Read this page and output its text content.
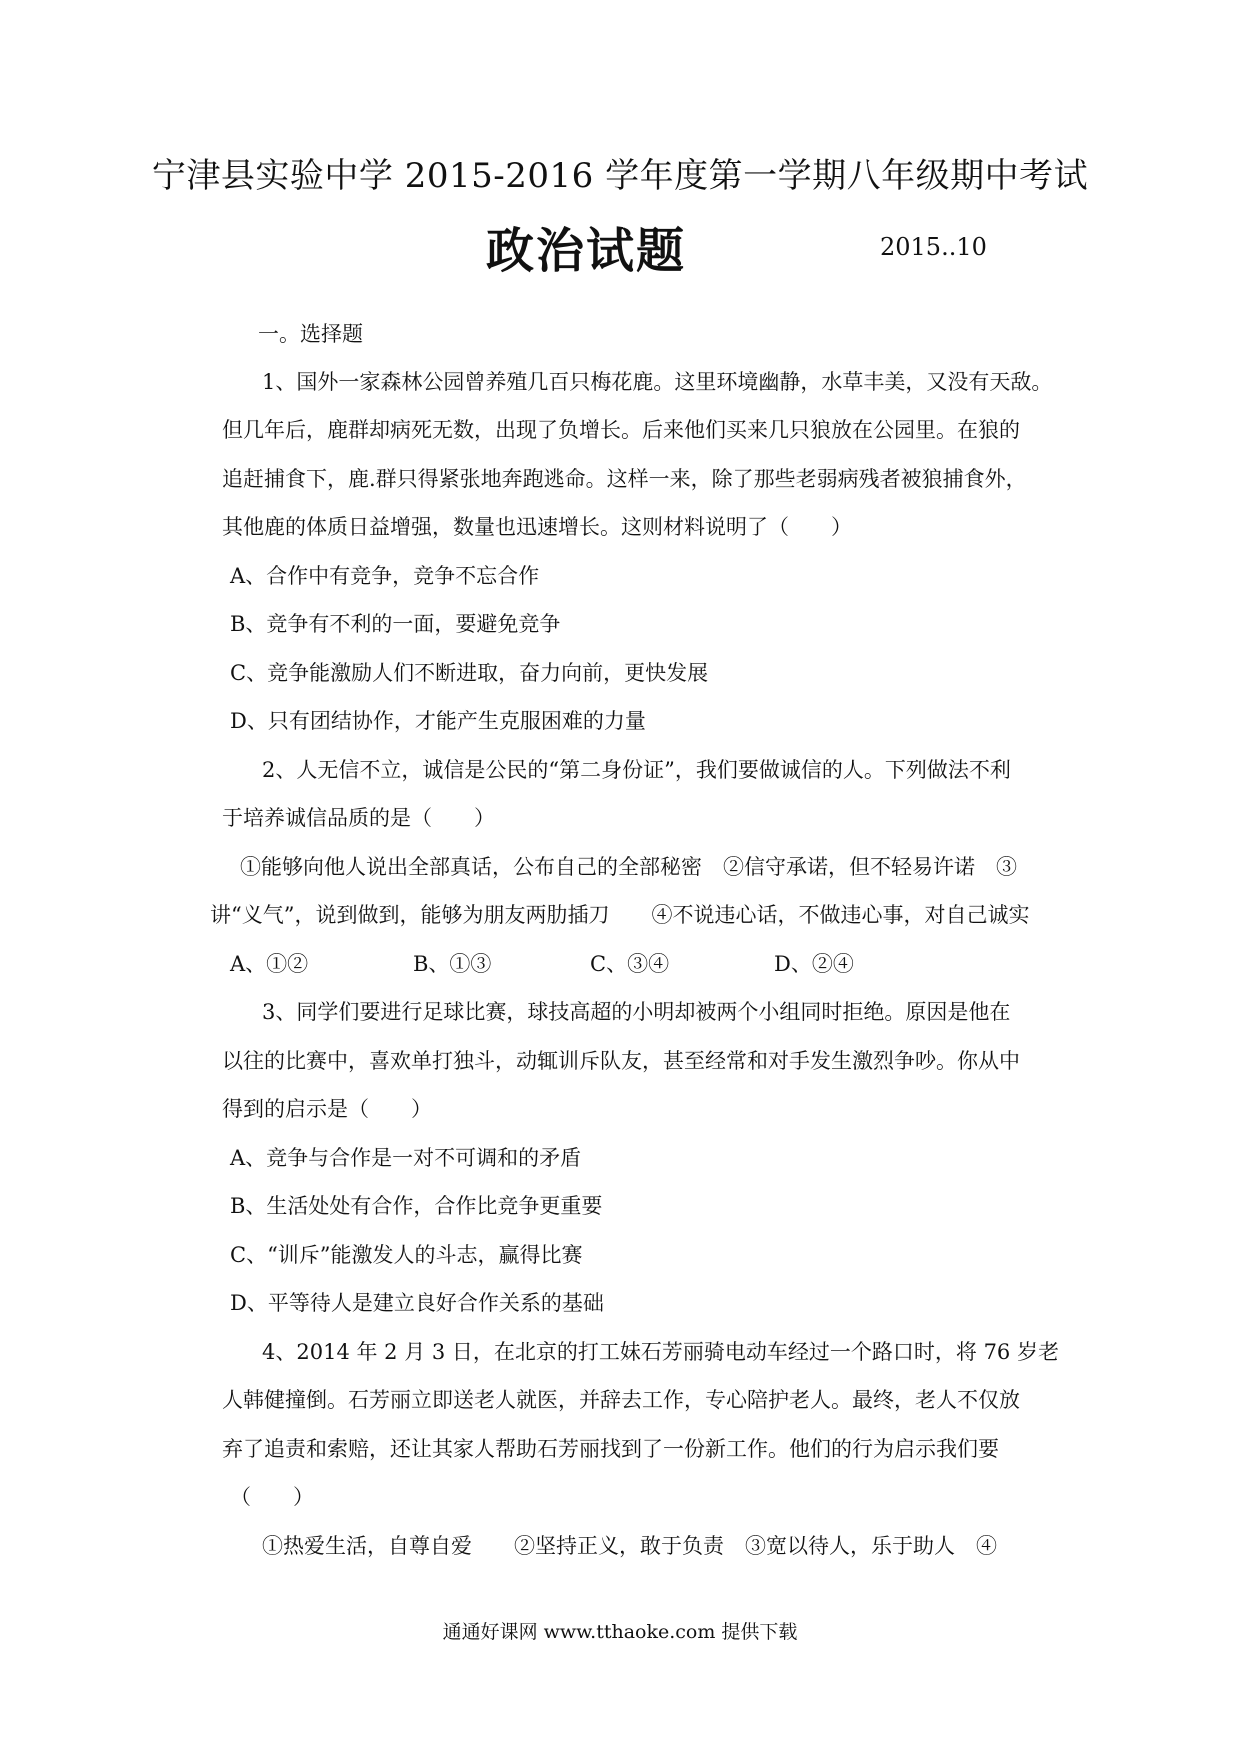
宁津县实验中学 2015-2016 学年度第一学期八年级期中考试
政治试题	2015..10
一。选择题
1、国外一家森林公园曾养殖几百只梅花鹿。这里环境幽静，水草丰美，又没有天敌。
但几年后，鹿群却病死无数，出现了负增长。后来他们买来几只狼放在公园里。在狼的
追赶捕食下，鹿.群只得紧张地奔跑逃命。这样一来，除了那些老弱病残者被狼捕食外，
其他鹿的体质日益增强，数量也迅速增长。这则材料说明了（　　）
A、合作中有竞争，竞争不忘合作
B、竞争有不利的一面，要避免竞争
C、竞争能激励人们不断进取，奋力向前，更快发展
D、只有团结协作，才能产生克服困难的力量
2、人无信不立，诚信是公民的“第二身份证”，我们要做诚信的人。下列做法不利
于培养诚信品质的是（　　）
①能够向他人说出全部真话，公布自己的全部秘密　②信守承诺，但不轻易许诺　③
讲“义气”，说到做到，能够为朋友两肋插刀　　④不说违心话，不做违心事，对自己诚实
A、①②	B、①③	C、③④	D、②④
3、同学们要进行足球比赛，球技高超的小明却被两个小组同时拒绝。原因是他在
以往的比赛中，喜欢单打独斗，动辄训斥队友，甚至经常和对手发生激烈争吵。你从中
得到的启示是（　　）
A、竞争与合作是一对不可调和的矛盾
B、生活处处有合作，合作比竞争更重要
C、“训斥”能激发人的斗志，赢得比赛
D、平等待人是建立良好合作关系的基础
4、2014 年 2 月 3 日，在北京的打工妹石芳丽骑电动车经过一个路口时，将 76 岁老
人韩健撞倒。石芳丽立即送老人就医，并辞去工作，专心陪护老人。最终，老人不仅放
弃了追责和索赔，还让其家人帮助石芳丽找到了一份新工作。他们的行为启示我们要
（　　）
①热爱生活，自尊自爱　　②坚持正义，敢于负责　③宽以待人，乐于助人　④
通通好课网 www.tthaoke.com 提供下载
